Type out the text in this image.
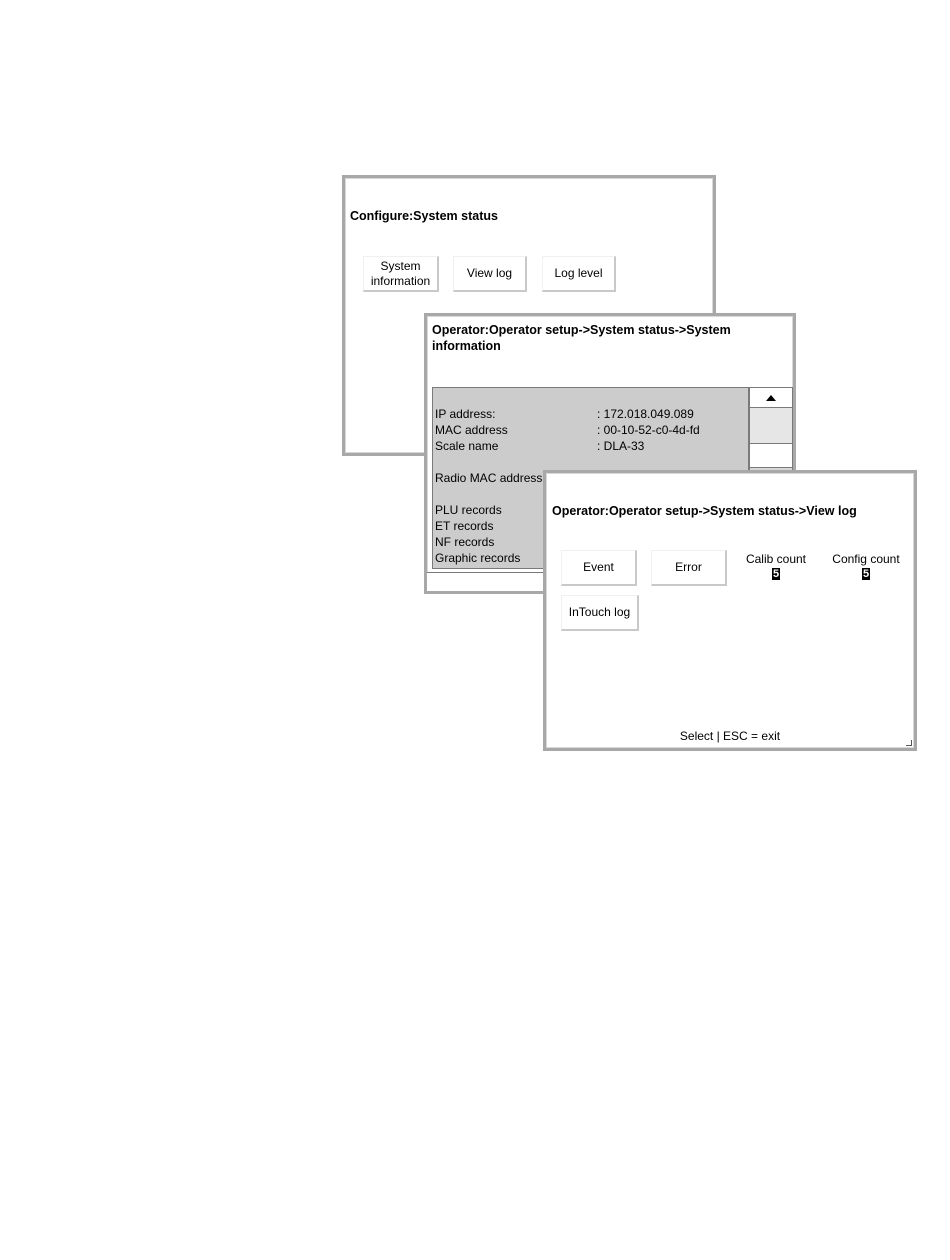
Configure:System status
System
information
View log	Log level
Operator:Operator setup->System status->System
information
IP address:	: 172.018.049.089
MAC address	: 00-10-52-c0-4d-fd
Scale name	: DLA-33
Radio MAC address
PLU records
ET records
NF records
Graphic records
Operator:Operator setup->System status->View log
Event	Error
Calib count
5
Config count
5
InTouch log
Select | ESC = exit
